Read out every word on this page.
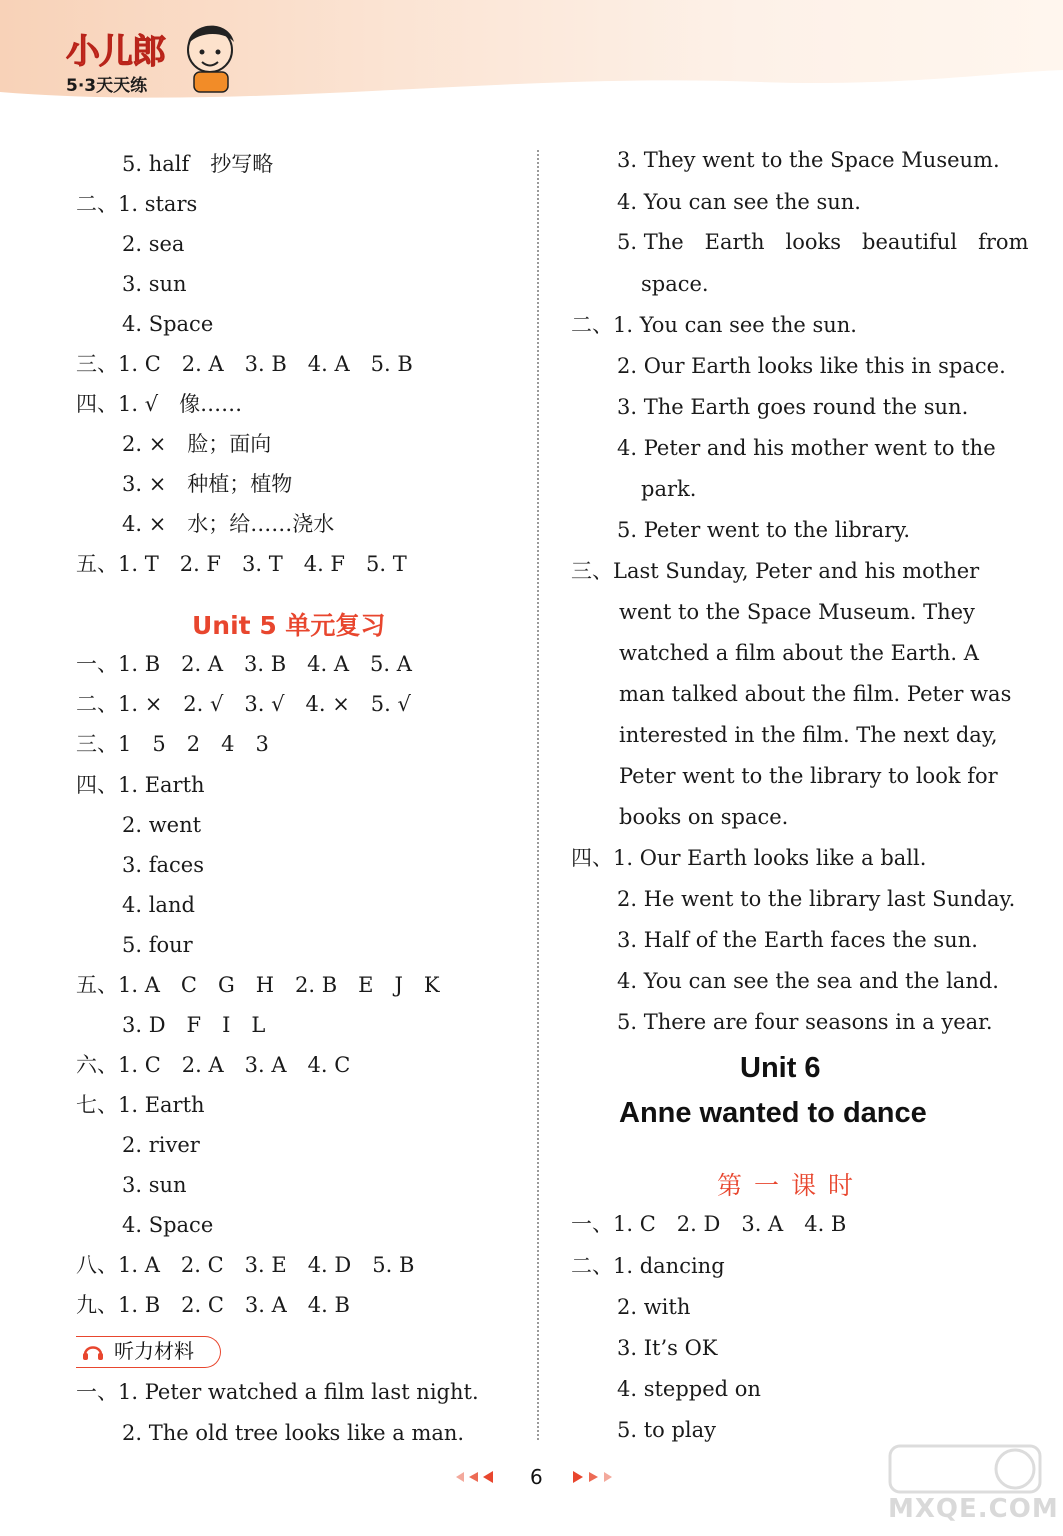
小儿郎
5·3天天练
5. half　抄写略
二、1. stars
2. sea
3. sun
4. Space
三、1. C　2. A　3. B　4. A　5. B
四、1. √　像……
2. ×　脸；面向
3. ×　种植；植物
4. ×　水；给……浇水
五、1. T　2. F　3. T　4. F　5. T
一、1. B　2. A　3. B　4. A　5. A
二、1. ×　2. √　3. √　4. ×　5. √
三、1　5　2　4　3
四、1. Earth
2. went
3. faces
4. land
5. four
五、1. A　C　G　H　2. B　E　J　K
3. D　F　I　L
六、1. C　2. A　3. A　4. C
七、1. Earth
2. river
3. sun
4. Space
八、1. A　2. C　3. E　4. D　5. B
九、1. B　2. C　3. A　4. B
一、1. Peter watched a film last night.
2. The old tree looks like a man.
Unit 5 单元复习
听力材料
3. They went to the Space Museum.
4. You can see the sun.
5. The　Earth　looks　beautiful　from
space.
二、1. You can see the sun.
2. Our Earth looks like this in space.
3. The Earth goes round the sun.
4. Peter and his mother went to the
park.
5. Peter went to the library.
三、Last Sunday, Peter and his mother
went to the Space Museum. They
watched a film about the Earth. A
man talked about the film. Peter was
interested in the film. The next day,
Peter went to the library to look for
books on space.
四、1. Our Earth looks like a ball.
2. He went to the library last Sunday.
3. Half of the Earth faces the sun.
4. You can see the sea and the land.
5. There are four seasons in a year.
一、1. C　2. D　3. A　4. B
二、1. dancing
2. with
3. It’s OK
4. stepped on
5. to play
Unit 6
Anne wanted to dance
第一课时
6
MXQE.COM
